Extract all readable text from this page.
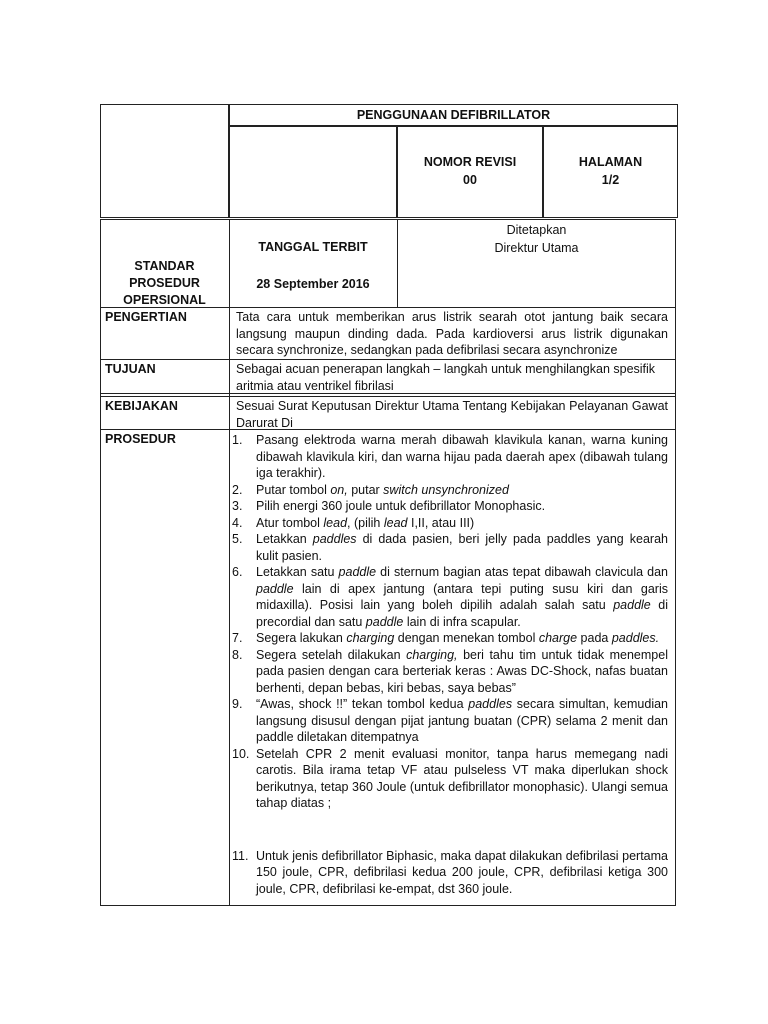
PENGGUNAAN DEFIBRILLATOR
NOMOR REVISI
00
HALAMAN
1/2
STANDAR
PROSEDUR
OPERSIONAL
TANGGAL TERBIT
28 September 2016
Ditetapkan
Direktur Utama
PENGERTIAN
TUJUAN
KEBIJAKAN
PROSEDUR
Tata cara untuk memberikan arus listrik searah otot jantung baik secara langsung maupun dinding dada. Pada kardioversi arus listrik digunakan secara synchronize, sedangkan pada defibrilasi secara asynchronize
Sebagai acuan penerapan langkah – langkah untuk menghilangkan spesifik aritmia atau ventrikel fibrilasi
Sesuai Surat Keputusan Direktur Utama Tentang Kebijakan Pelayanan Gawat Darurat Di
1. Pasang elektroda warna merah dibawah klavikula kanan, warna kuning dibawah klavikula kiri, dan warna hijau pada daerah apex (dibawah tulang iga terakhir).
2. Putar tombol on, putar switch unsynchronized
3. Pilih energi 360 joule untuk defibrillator Monophasic.
4. Atur tombol lead, (pilih lead I,II, atau III)
5. Letakkan paddles di dada pasien, beri jelly pada paddles yang kearah kulit pasien.
6. Letakkan satu paddle di sternum bagian atas tepat dibawah clavicula dan paddle lain di apex jantung (antara tepi puting susu kiri dan garis midaxilla). Posisi lain yang boleh dipilih adalah salah satu paddle di precordial dan satu paddle lain di infra scapular.
7. Segera lakukan charging dengan menekan tombol charge pada paddles.
8. Segera setelah dilakukan charging, beri tahu tim untuk tidak menempel pada pasien dengan cara berteriak keras : Awas DC-Shock, nafas buatan berhenti, depan bebas, kiri bebas, saya bebas”
9. “Awas, shock !!” tekan tombol kedua paddles secara simultan, kemudian langsung disusul dengan pijat jantung buatan (CPR) selama 2 menit dan paddle diletakan ditempatnya
10. Setelah CPR 2 menit evaluasi monitor, tanpa harus memegang nadi carotis. Bila irama tetap VF atau pulseless VT maka diperlukan shock berikutnya, tetap 360 Joule (untuk defibrillator monophasic). Ulangi semua tahap diatas ;
11. Untuk jenis defibrillator Biphasic, maka dapat dilakukan defibrilasi pertama 150 joule, CPR, defibrilasi kedua 200 joule, CPR, defibrilasi ketiga 300 joule, CPR, defibrilasi ke-empat, dst 360 joule.
